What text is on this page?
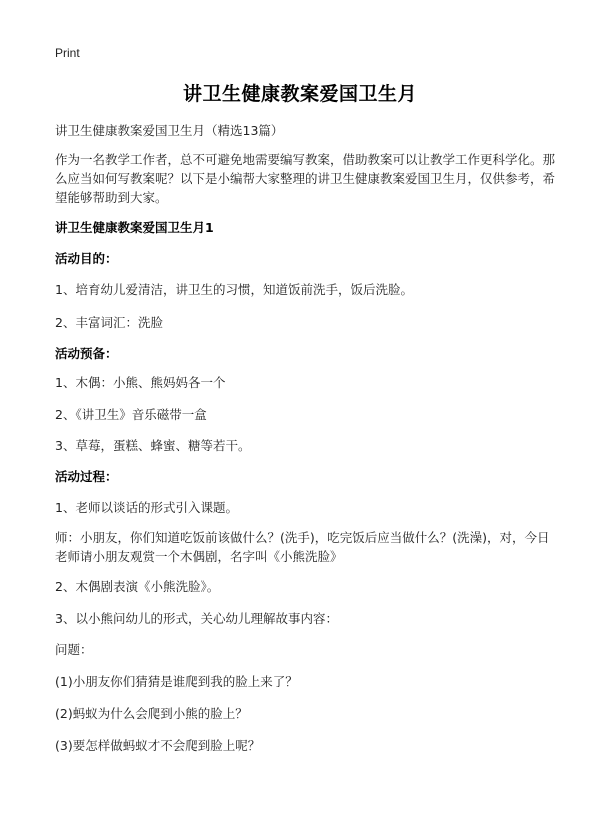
Print
讲卫生健康教案爱国卫生月
讲卫生健康教案爱国卫生月（精选13篇）
作为一名教学工作者，总不可避免地需要编写教案，借助教案可以让教学工作更科学化。那么应当如何写教案呢？以下是小编帮大家整理的讲卫生健康教案爱国卫生月，仅供参考，希望能够帮助到大家。
讲卫生健康教案爱国卫生月1
活动目的：
1、培育幼儿爱清洁，讲卫生的习惯，知道饭前洗手，饭后洗脸。
2、丰富词汇：洗脸
活动预备：
1、木偶：小熊、熊妈妈各一个
2、《讲卫生》音乐磁带一盒
3、草莓，蛋糕、蜂蜜、糖等若干。
活动过程：
1、老师以谈话的形式引入课题。
师：小朋友，你们知道吃饭前该做什么？(洗手)，吃完饭后应当做什么？(洗澡)，对，今日老师请小朋友观赏一个木偶剧，名字叫《小熊洗脸》
2、木偶剧表演《小熊洗脸》。
3、以小熊问幼儿的形式，关心幼儿理解故事内容：
问题：
(1)小朋友你们猜猜是谁爬到我的脸上来了？
(2)蚂蚁为什么会爬到小熊的脸上？
(3)要怎样做蚂蚁才不会爬到脸上呢？
